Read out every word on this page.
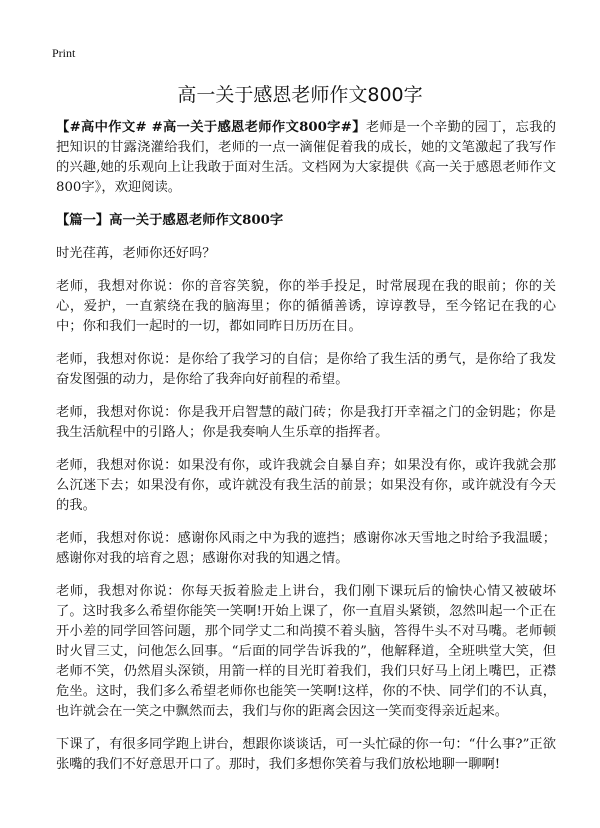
Print
高一关于感恩老师作文800字

【#高中作文# #高一关于感恩老师作文800字#】老师是一个辛勤的园丁，忘我的把知识的甘露浇灌给我们，老师的一点一滴催促着我的成长，她的文笔激起了我写作的兴趣,她的乐观向上让我敢于面对生活。文档网为大家提供《高一关于感恩老师作文800字》，欢迎阅读。

【篇一】高一关于感恩老师作文800字

时光荏苒，老师你还好吗？

老师，我想对你说：你的音容笑貌，你的举手投足，时常展现在我的眼前；你的关心，爱护，一直萦绕在我的脑海里；你的循循善诱，谆谆教导，至今铭记在我的心中；你和我们一起时的一切，都如同昨日历历在目。

老师，我想对你说：是你给了我学习的自信；是你给了我生活的勇气，是你给了我发奋发图强的动力，是你给了我奔向好前程的希望。

老师，我想对你说：你是我开启智慧的敲门砖；你是我打开幸福之门的金钥匙；你是我生活航程中的引路人；你是我奏响人生乐章的指挥者。

老师，我想对你说：如果没有你，或许我就会自暴自弃；如果没有你，或许我就会那么沉迷下去；如果没有你，或许就没有我生活的前景；如果没有你，或许就没有今天的我。

老师，我想对你说：感谢你风雨之中为我的遮挡；感谢你冰天雪地之时给予我温暖；感谢你对我的培育之恩；感谢你对我的知遇之情。

老师，我想对你说：你每天扳着脸走上讲台，我们刚下课玩后的愉快心情又被破坏了。这时我多么希望你能笑一笑啊!开始上课了，你一直眉头紧锁，忽然叫起一个正在开小差的同学回答问题，那个同学丈二和尚摸不着头脑，答得牛头不对马嘴。老师顿时火冒三丈，问他怎么回事。“后面的同学告诉我的”，他解释道，全班哄堂大笑，但老师不笑，仍然眉头深锁，用箭一样的目光盯着我们，我们只好马上闭上嘴巴，正襟危坐。这时，我们多么希望老师你也能笑一笑啊!这样，你的不快、同学们的不认真，也许就会在一笑之中飘然而去，我们与你的距离会因这一笑而变得亲近起来。

下课了，有很多同学跑上讲台，想跟你谈谈话，可一头忙碌的你一句：“什么事?”正欲张嘴的我们不好意思开口了。那时，我们多想你笑着与我们放松地聊一聊啊!
